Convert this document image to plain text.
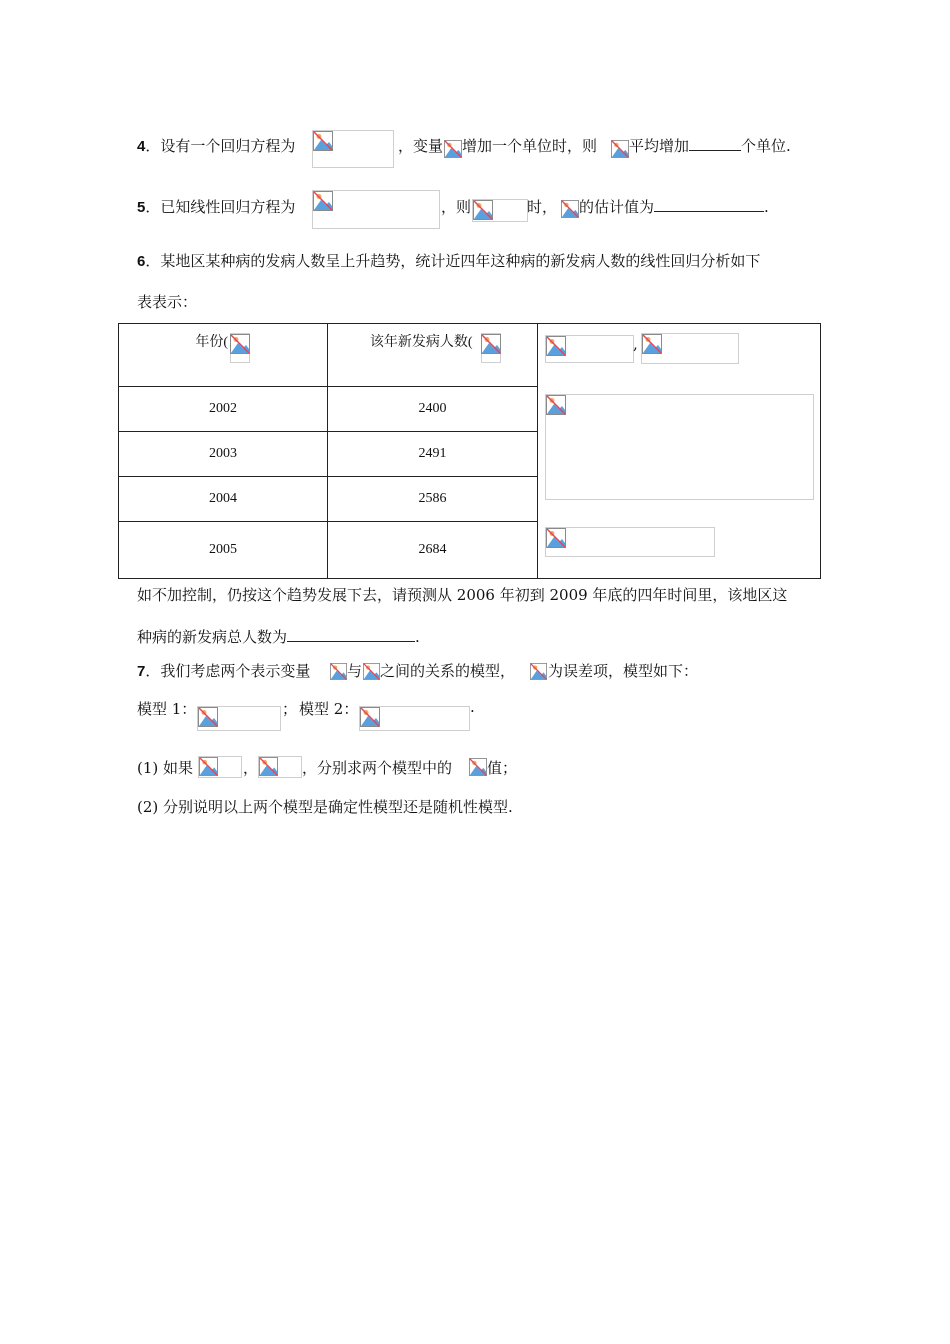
4．设有一个回归方程为	，变量 增加一个单位时，则 平均增加	个单位.
5．已知线性回归方程为	，则	时， 的估计值为	.
6．某地区某种病的发病人数呈上升趋势，统计近四年这种病的新发病人数的线性回归分析如下
表表示：
年份(	该年新发病人数(	
2002	2400	
2003	2491	
2004	2586	
2005	2684	
,
如不加控制，仍按这个趋势发展下去，请预测从 2006 年初到 2009 年底的四年时间里，该地区这
种病的新发病总人数为	.
7．我们考虑两个表示变量 与 之间的关系的模型， 为误差项，模型如下：
模型 1：	； 模型 2：	.
(1) 如果	，	，分别求两个模型中的 值；
(2) 分别说明以上两个模型是确定性模型还是随机性模型.
